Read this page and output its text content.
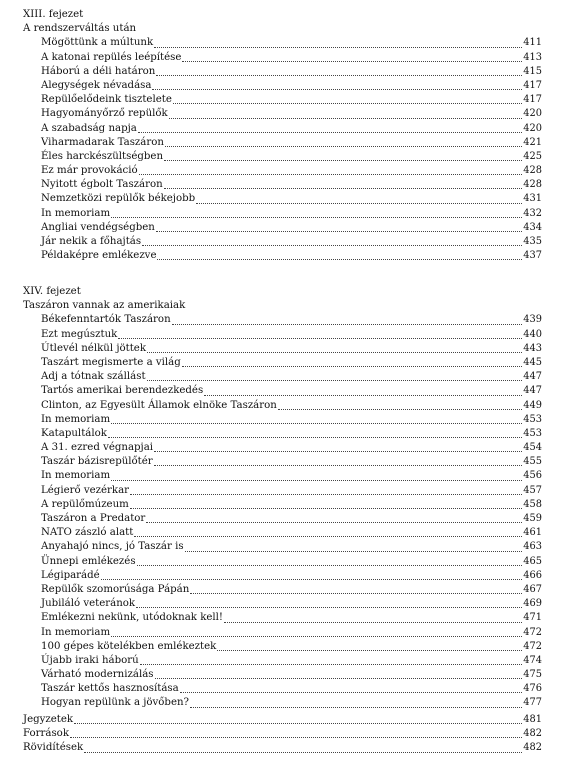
XIII. fejezet
A rendszerváltás után
Mögöttünk a múltunk	411
A katonai repülés leépítése	413
Háború a déli határon	415
Alegységek névadása	417
Repülőelődeink tisztelete	417
Hagyományőrző repülők	420
A szabadság napja	420
Viharmadarak Taszáron	421
Éles harckészültségben	425
Ez már provokáció	428
Nyitott égbolt Taszáron	428
Nemzetközi repülők békejobb	431
In memoriam	432
Angliai vendégségben	434
Jár nekik a főhajtás	435
Példaképre emlékezve	437
XIV. fejezet
Taszáron vannak az amerikaiak
Békefenntartók Taszáron	439
Ezt megúsztuk	440
Útlevél nélkül jöttek	443
Taszárt megismerte a világ	445
Adj a tótnak szállást	447
Tartós amerikai berendezkedés	447
Clinton, az Egyesült Államok elnöke Taszáron	449
In memoriam	453
Katapultálok	453
A 31. ezred végnapjai	454
Taszár bázisrepülőtér	455
In memoriam	456
Légierő vezérkar	457
A repülőmúzeum	458
Taszáron a Predator	459
NATO zászló alatt	461
Anyahajó nincs, jó Taszár is	463
Ünnepi emlékezés	465
Légiparádé	466
Repülők szomorúsága Pápán	467
Jubiláló veteránok	469
Emlékezni nekünk, utódoknak kell!	471
In memoriam	472
100 gépes kötelékben emlékeztek	472
Újabb iraki háború	474
Várható modernizálás	475
Taszár kettős hasznosítása	476
Hogyan repülünk a jövőben?	477
Jegyzetek	481
Források	482
Rövidítések	482
